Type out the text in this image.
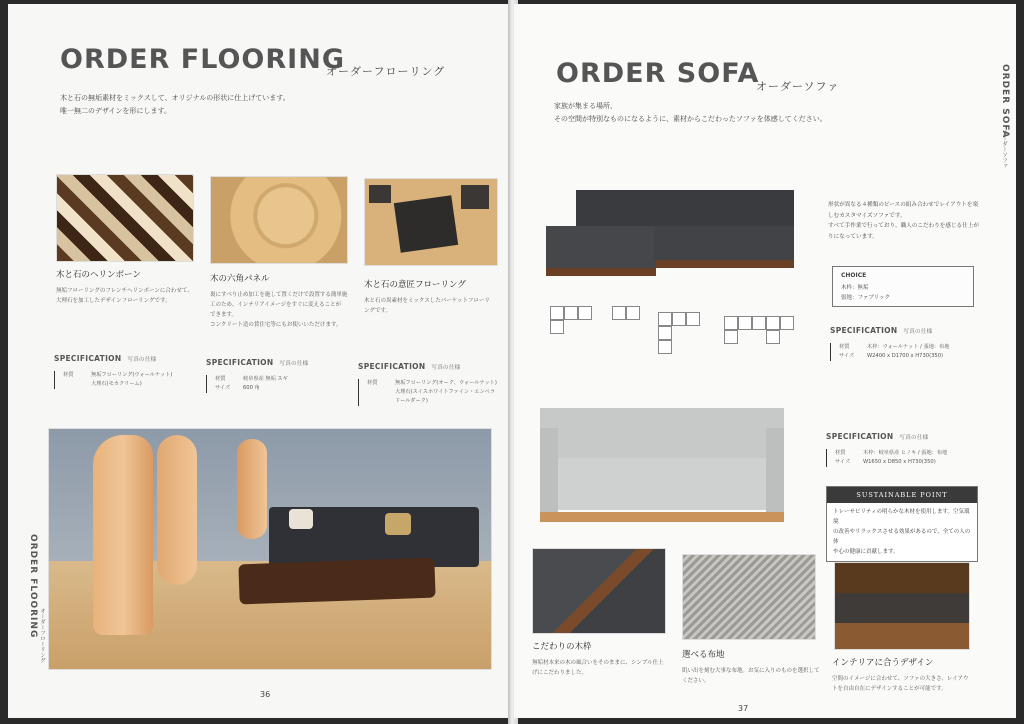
ORDER FLOORING
オーダーフローリング
木と石の無垢素材をミックスして、オリジナルの形状に仕上げています。
唯一無二のデザインを形にします。
木と石のヘリンボーン
無垢フローリングのフレンチヘリンボーンに合わせて、
大理石を加工したデザインフローリングです。
木の六角パネル
裏にすべり止め加工を施して置くだけで設置する簡単施
工のため、インテリアイメージをすぐに変えることが
できます。
コンクリート造の賃住宅等にもお使いいただけます。
木と石の意匠フローリング
木と石の異素材をミックスしたパーケットフローリ
ングです。
SPECIFICATION 写真の仕様
材質	無垢フローリング(ウォールナット)
大理石(モカクリーム)
SPECIFICATION 写真の仕様
材質	岐阜県産 無垢 スギ
サイズ	600 角
SPECIFICATION 写真の仕様
材質	無垢フローリング(オーク、ウォールナット)
大理石(スイスホワイトファイン・エンペラ
ドールダーク)
ORDER FLOORING オーダーフローリング
36
ORDER SOFA
オーダーソファ
家族が集まる場所、
その空間が特別なものになるように、素材からこだわったソファを体感してください。
形状が異なる４種類のピースの組み合わせでレイアウトを楽
しむカスタマイズソファです。
すべて手作業で行っており、職人のこだわりを感じる仕上が
りになっています。
CHOICE
木枠：無垢
張地：ファブリック
SPECIFICATION 写真の仕様
材質	木枠：ウォールナット / 張地：布地
サイズ	W2400 x D1700 x H730(350)
SPECIFICATION 写真の仕様
材質	木枠：岐阜県産 ヒノキ / 張地：布地
サイズ	W1650 x D850 x H730(350)
SUSTAINABLE POINT
トレーサビリティの明らかな木材を使用します。空気環境
の改善やリラックスさせる効果があるので、全ての人の体
や心の健康に貢献します。
こだわりの木枠
無垢材本来の木の風合いをそのままに、シンプル仕上
げにこだわりました。
選べる布地
肌い出を刻む大事な布地。お気に入りのものを選択して
ください。
インテリアに合うデザイン
空間のイメージに合わせて、ソファの大きさ、レイアウ
トを自由自在にデザインすることが可能です。
ORDER SOFA
オーダーソファ
37
